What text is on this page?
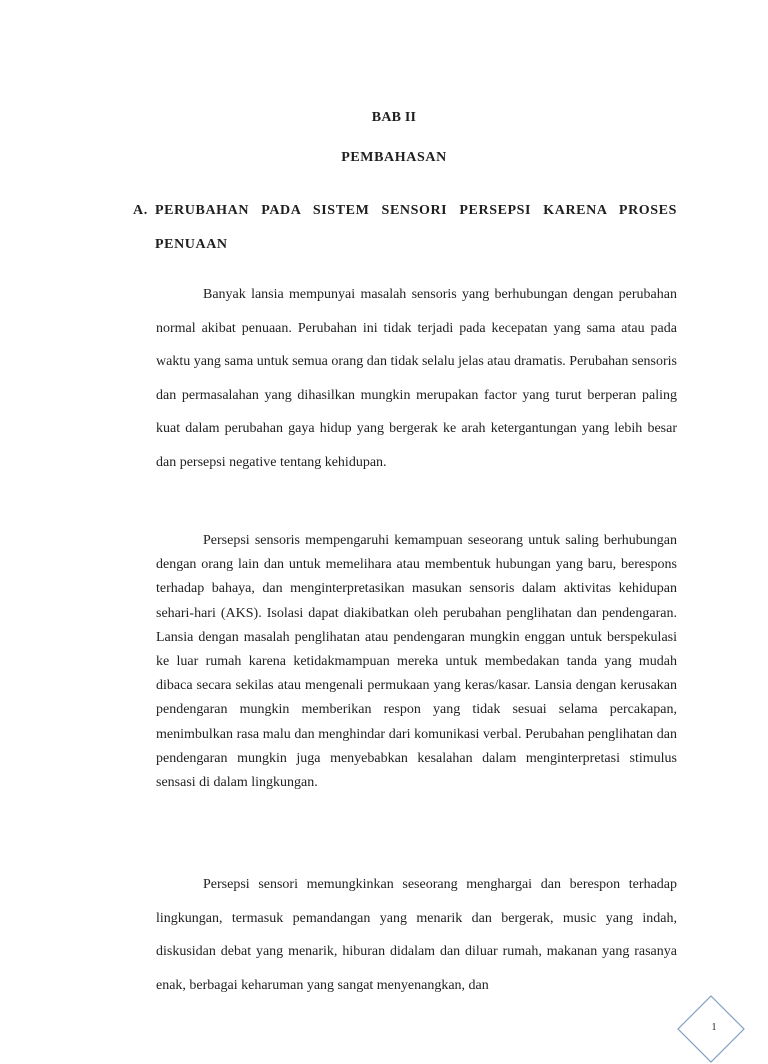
BAB II
PEMBAHASAN
A. PERUBAHAN PADA SISTEM SENSORI PERSEPSI KARENA PROSES PENUAAN

Banyak lansia mempunyai masalah sensoris yang berhubungan dengan perubahan normal akibat penuaan. Perubahan ini tidak terjadi pada kecepatan yang sama atau pada waktu yang sama untuk semua orang dan tidak selalu jelas atau dramatis. Perubahan sensoris dan permasalahan yang dihasilkan mungkin merupakan factor yang turut berperan paling kuat dalam perubahan gaya hidup yang bergerak ke arah ketergantungan yang lebih besar dan persepsi negative tentang kehidupan.

Persepsi sensoris mempengaruhi kemampuan seseorang untuk saling berhubungan dengan orang lain dan untuk memelihara atau membentuk hubungan yang baru, berespons terhadap bahaya, dan menginterpretasikan masukan sensoris dalam aktivitas kehidupan sehari-hari (AKS). Isolasi dapat diakibatkan oleh perubahan penglihatan dan pendengaran. Lansia dengan masalah penglihatan atau pendengaran mungkin enggan untuk berspekulasi ke luar rumah karena ketidakmampuan mereka untuk membedakan tanda yang mudah dibaca secara sekilas atau mengenali permukaan yang keras/kasar. Lansia dengan kerusakan pendengaran mungkin memberikan respon yang tidak sesuai selama percakapan, menimbulkan rasa malu dan menghindar dari komunikasi verbal. Perubahan penglihatan dan pendengaran mungkin juga menyebabkan kesalahan dalam menginterpretasi stimulus sensasi di dalam lingkungan.

Persepsi sensori memungkinkan seseorang menghargai dan berespon terhadap lingkungan, termasuk pemandangan yang menarik dan bergerak, music yang indah, diskusidan debat yang menarik, hiburan didalam dan diluar rumah, makanan yang rasanya enak, berbagai keharuman yang sangat menyenangkan, dan

1
